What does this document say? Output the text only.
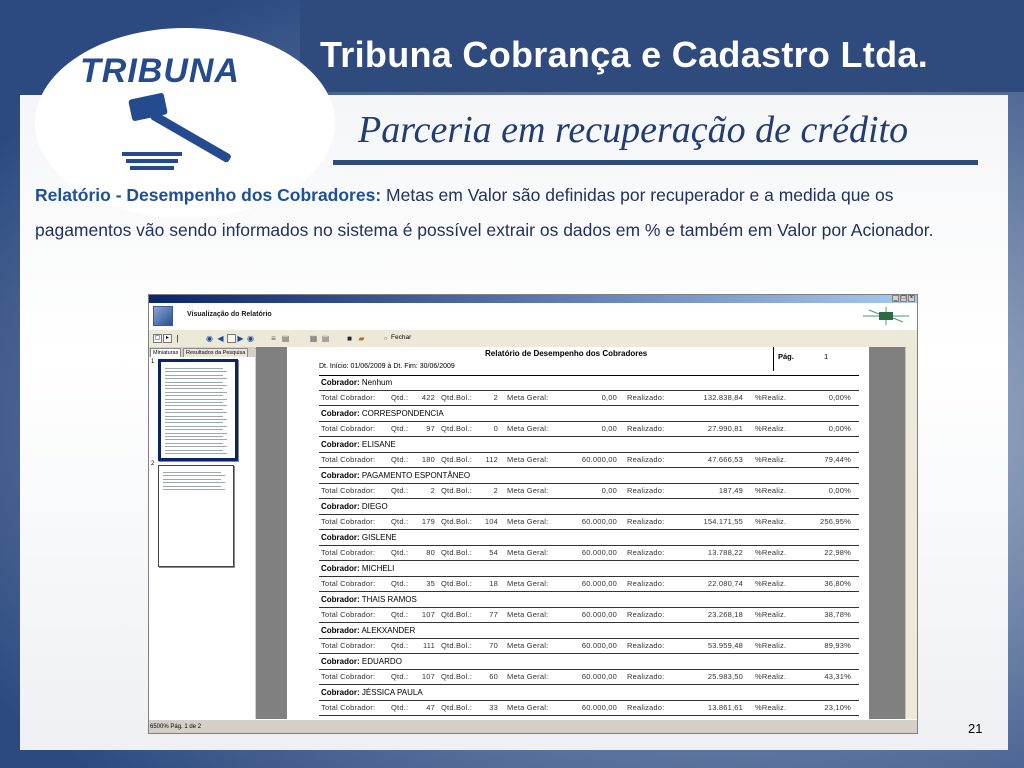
TRIBUNA Tribuna Cobrança e Cadastro Ltda.
Parceria em recuperação de crédito
Relatório - Desempenho dos Cobradores: Metas em Valor são definidas por recuperador e a medida que os pagamentos vão sendo informados no sistema é possível extrair os dados em % e também em Valor por Acionador.
_ □ ×
Visualização do Relatório
▢ ▸ |	◉ ◀ ▶ ◉ ≡ ▤	▦ ▤ ■ ▰	▫ Fechar
Miniaturas	Resultados da Pesquisa
1
2
Relatório de Desempenho dos Cobradores
Dt. Início: 01/06/2009 à Dt. Fim: 30/06/2009
Pág.	1
Cobrador: Nenhum
Total Cobrador: Qtd.:	422 Qtd.Bol.:	2 Meta Geral:	0,00 Realizado:	132.838,84 %Realiz.	0,00%
Cobrador: CORRESPONDENCIA
Total Cobrador: Qtd.:	97 Qtd.Bol.:	0 Meta Geral:	0,00 Realizado:	27.990,81 %Realiz.	0,00%
Cobrador: ELISANE
Total Cobrador: Qtd.:	180 Qtd.Bol.:	112 Meta Geral:	60.000,00 Realizado:	47.666,53 %Realiz.	79,44%
Cobrador: PAGAMENTO ESPONTÂNEO
Total Cobrador: Qtd.:	2 Qtd.Bol.:	2 Meta Geral:	0,00 Realizado:	187,49 %Realiz.	0,00%
Cobrador: DIEGO
Total Cobrador: Qtd.:	179 Qtd.Bol.:	104 Meta Geral:	60.000,00 Realizado:	154.171,55 %Realiz.	256,95%
Cobrador: GISLENE
Total Cobrador: Qtd.:	80 Qtd.Bol.:	54 Meta Geral:	60.000,00 Realizado:	13.788,22 %Realiz.	22,98%
Cobrador: MICHELI
Total Cobrador: Qtd.:	35 Qtd.Bol.:	18 Meta Geral:	60.000,00 Realizado:	22.080,74 %Realiz.	36,80%
Cobrador: THAIS RAMOS
Total Cobrador: Qtd.:	107 Qtd.Bol.:	77 Meta Geral:	60.000,00 Realizado:	23.268,18 %Realiz.	38,78%
Cobrador: ALEKXANDER
Total Cobrador: Qtd.:	111 Qtd.Bol.:	70 Meta Geral:	60.000,00 Realizado:	53.959,48 %Realiz.	89,93%
Cobrador: EDUARDO
Total Cobrador: Qtd.:	107 Qtd.Bol.:	60 Meta Geral:	60.000,00 Realizado:	25.983,50 %Realiz.	43,31%
Cobrador: JÉSSICA PAULA
Total Cobrador: Qtd.:	47 Qtd.Bol.:	33 Meta Geral:	60.000,00 Realizado:	13.861,61 %Realiz.	23,10%
6500% Pág. 1 de 2	21
